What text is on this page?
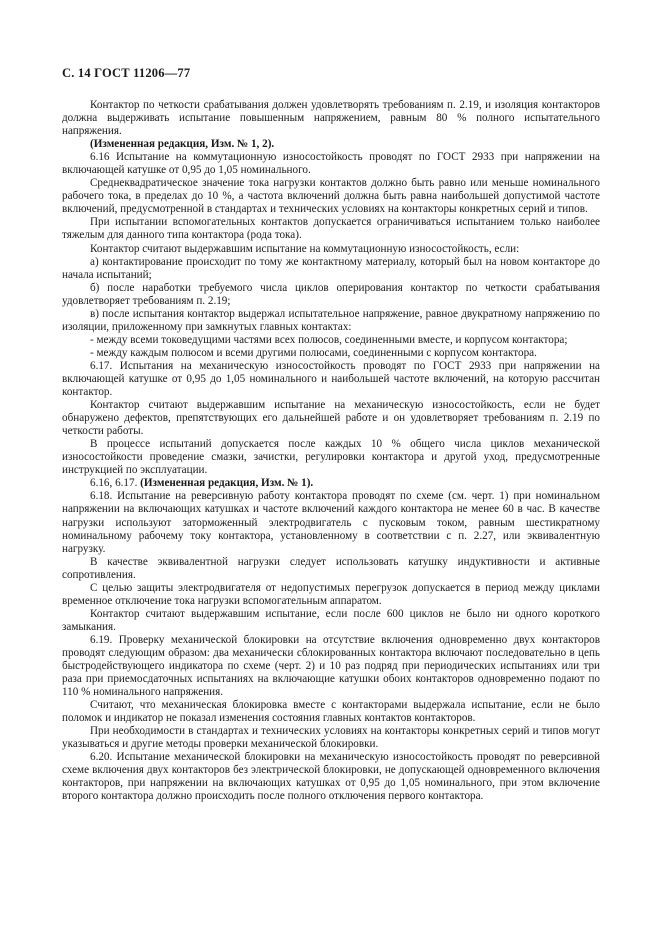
С. 14 ГОСТ 11206—77

Контактор по четкости срабатывания должен удовлетворять требованиям п. 2.19, и изоляция контакторов должна выдерживать испытание повышенным напряжением, равным 80 % полного испытательного напряжения.

(Измененная редакция, Изм. № 1, 2).

6.16 Испытание на коммутационную износостойкость проводят по ГОСТ 2933 при напряжении на включающей катушке от 0,95 до 1,05 номинального.

Среднеквадратическое значение тока нагрузки контактов должно быть равно или меньше номинального рабочего тока, в пределах до 10 %, а частота включений должна быть равна наибольшей допустимой частоте включений, предусмотренной в стандартах и технических условиях на контакторы конкретных серий и типов.

При испытании вспомогательных контактов допускается ограничиваться испытанием только наиболее тяжелым для данного типа контактора (рода тока).

Контактор считают выдержавшим испытание на коммутационную износостойкость, если:

а) контактирование происходит по тому же контактному материалу, который был на новом контакторе до начала испытаний;

б) после наработки требуемого числа циклов оперирования контактор по четкости срабатывания удовлетворяет требованиям п. 2.19;

в) после испытания контактор выдержал испытательное напряжение, равное двукратному напряжению по изоляции, приложенному при замкнутых главных контактах:

- между всеми токоведущими частями всех полюсов, соединенными вместе, и корпусом контактора;

- между каждым полюсом и всеми другими полюсами, соединенными с корпусом контактора.

6.17. Испытания на механическую износостойкость проводят по ГОСТ 2933 при напряжении на включающей катушке от 0,95 до 1,05 номинального и наибольшей частоте включений, на которую рассчитан контактор.

Контактор считают выдержавшим испытание на механическую износостойкость, если не будет обнаружено дефектов, препятствующих его дальнейшей работе и он удовлетворяет требованиям п. 2.19 по четкости работы.

В процессе испытаний допускается после каждых 10 % общего числа циклов механической износостойкости проведение смазки, зачистки, регулировки контактора и другой уход, предусмотренные инструкцией по эксплуатации.

6.16, 6.17. (Измененная редакция, Изм. № 1).

6.18. Испытание на реверсивную работу контактора проводят по схеме (см. черт. 1) при номинальном напряжении на включающих катушках и частоте включений каждого контактора не менее 60 в час. В качестве нагрузки используют заторможенный электродвигатель с пусковым током, равным шестикратному номинальному рабочему току контактора, установленному в соответствии с п. 2.27, или эквивалентную нагрузку.

В качестве эквивалентной нагрузки следует использовать катушку индуктивности и активные сопротивления.

С целью защиты электродвигателя от недопустимых перегрузок допускается в период между циклами временное отключение тока нагрузки вспомогательным аппаратом.

Контактор считают выдержавшим испытание, если после 600 циклов не было ни одного короткого замыкания.

6.19. Проверку механической блокировки на отсутствие включения одновременно двух контакторов проводят следующим образом: два механически сблокированных контактора включают последовательно в цепь быстродействующего индикатора по схеме (черт. 2) и 10 раз подряд при периодических испытаниях или три раза при приемосдаточных испытаниях на включающие катушки обоих контакторов одновременно подают по 110 % номинального напряжения.

Считают, что механическая блокировка вместе с контакторами выдержала испытание, если не было поломок и индикатор не показал изменения состояния главных контактов контакторов.

При необходимости в стандартах и технических условиях на контакторы конкретных серий и типов могут указываться и другие методы проверки механической блокировки.

6.20. Испытание механической блокировки на механическую износостойкость проводят по реверсивной схеме включения двух контакторов без электрической блокировки, не допускающей одновременного включения контакторов, при напряжении на включающих катушках от 0,95 до 1,05 номинального, при этом включение второго контактора должно происходить после полного отключения первого контактора.
